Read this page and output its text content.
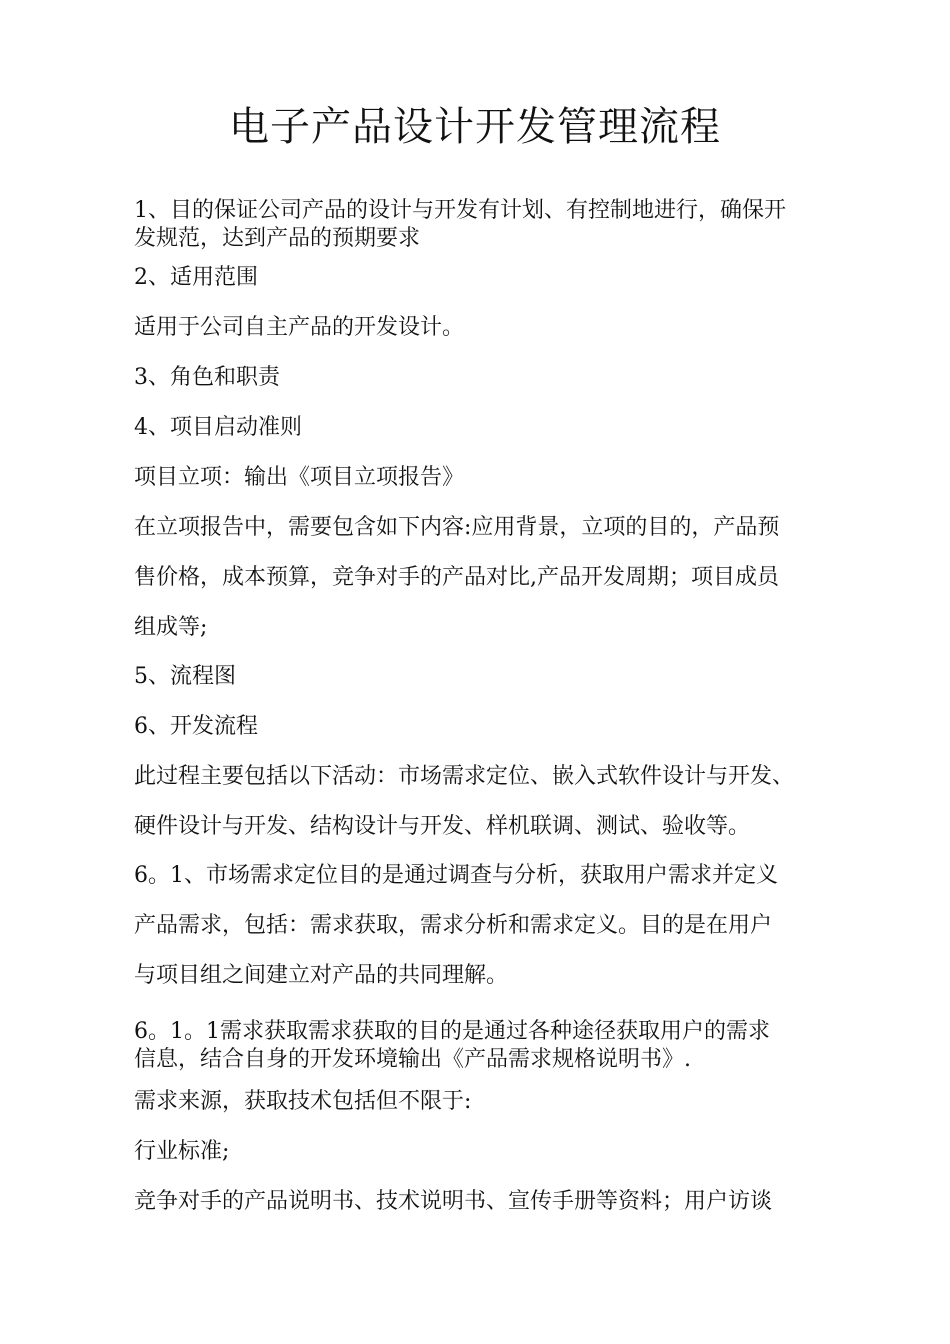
电子产品设计开发管理流程
1、目的保证公司产品的设计与开发有计划、有控制地进行，确保开
发规范，达到产品的预期要求
2、适用范围
适用于公司自主产品的开发设计。
3、角色和职责
4、项目启动准则
项目立项：输出《项目立项报告》
在立项报告中，需要包含如下内容:应用背景，立项的目的，产品预
售价格，成本预算，竞争对手的产品对比,产品开发周期；项目成员
组成等;
5、流程图
6、开发流程
此过程主要包括以下活动：市场需求定位、嵌入式软件设计与开发、
硬件设计与开发、结构设计与开发、样机联调、测试、验收等。
6。1、市场需求定位目的是通过调查与分析，获取用户需求并定义
产品需求，包括：需求获取，需求分析和需求定义。目的是在用户
与项目组之间建立对产品的共同理解。
6。1。1需求获取需求获取的目的是通过各种途径获取用户的需求
信息，结合自身的开发环境输出《产品需求规格说明书》.
需求来源，获取技术包括但不限于:
行业标准;
竞争对手的产品说明书、技术说明书、宣传手册等资料；用户访谈
